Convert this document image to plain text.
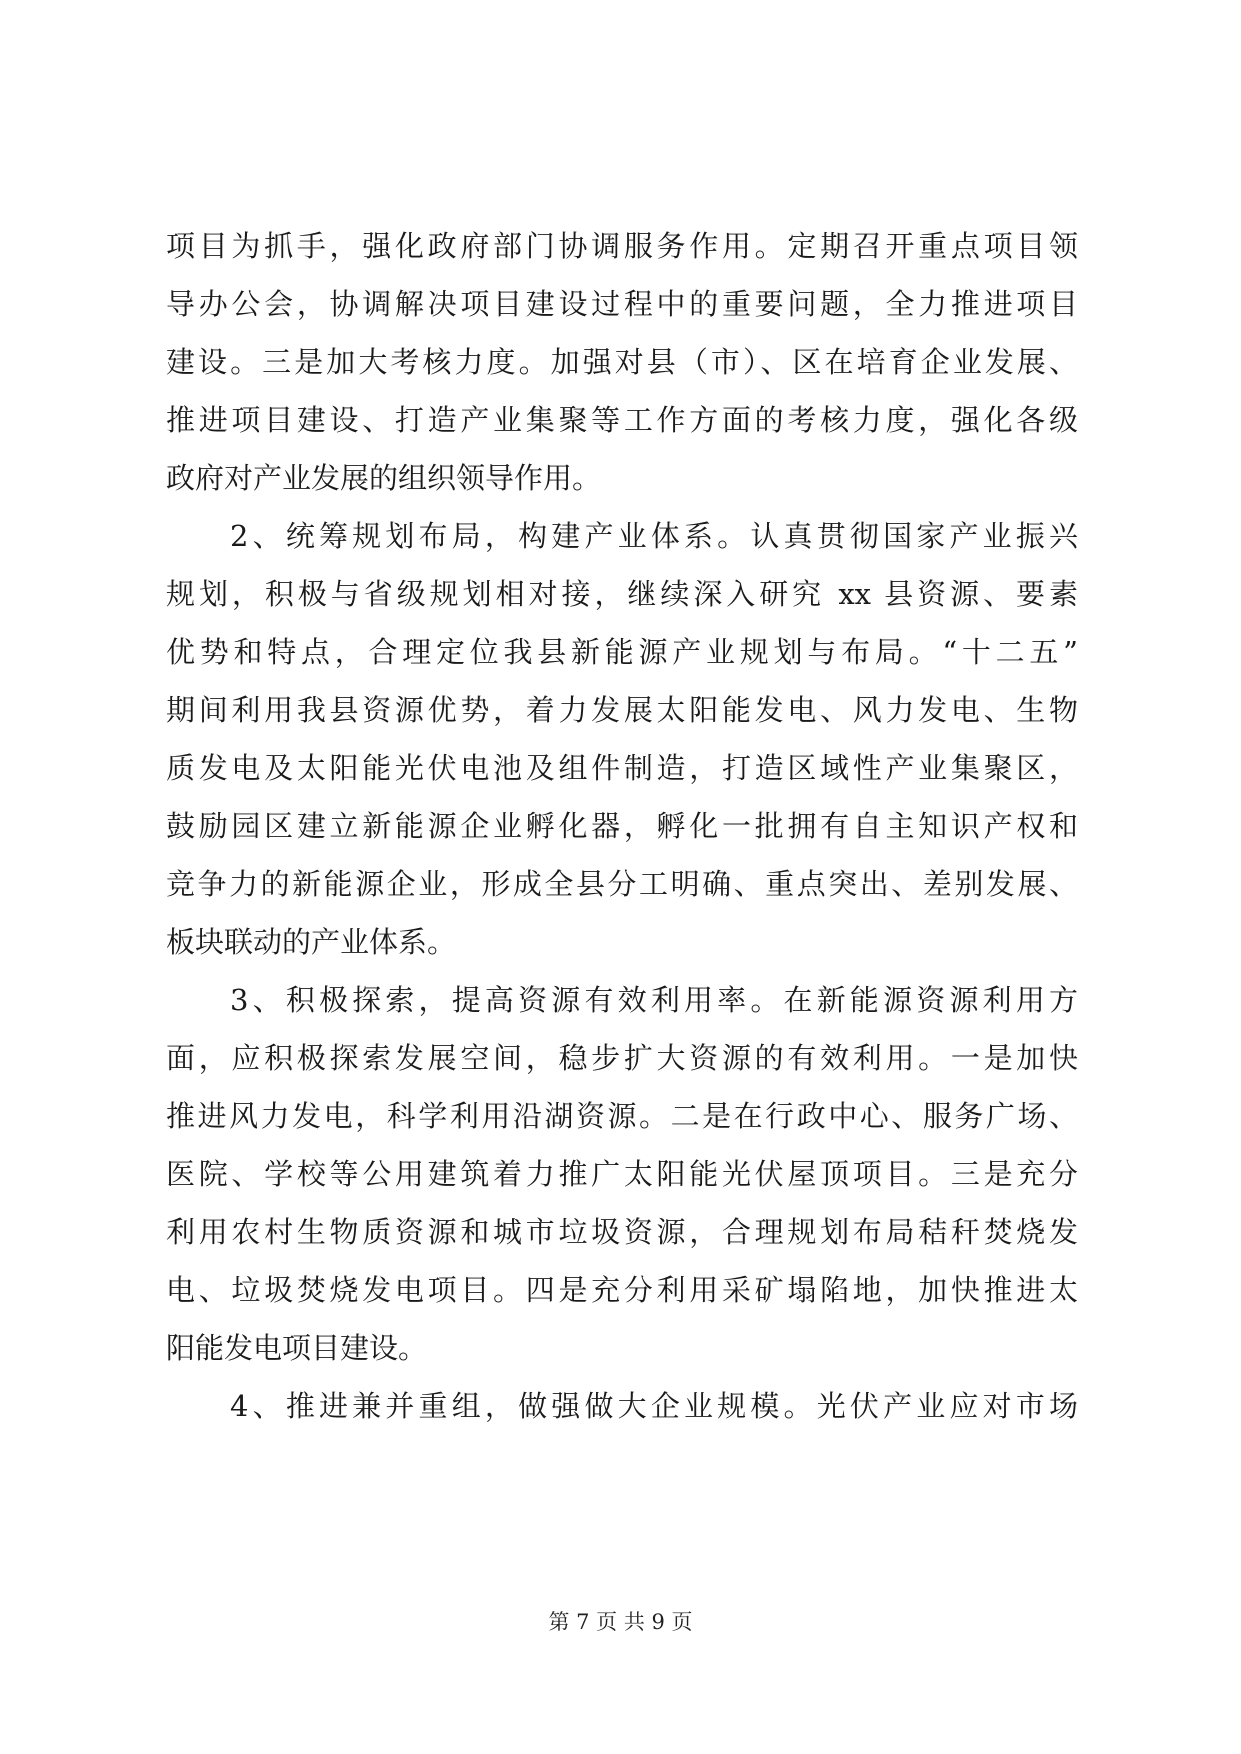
项目为抓手，强化政府部门协调服务作用。定期召开重点项目领
导办公会，协调解决项目建设过程中的重要问题，全力推进项目
建设。三是加大考核力度。加强对县（市）、区在培育企业发展、
推进项目建设、打造产业集聚等工作方面的考核力度，强化各级
政府对产业发展的组织领导作用。
2、统筹规划布局，构建产业体系。认真贯彻国家产业振兴
规划，积极与省级规划相对接，继续深入研究 xx 县资源、要素
优势和特点，合理定位我县新能源产业规划与布局。“十二五”
期间利用我县资源优势，着力发展太阳能发电、风力发电、生物
质发电及太阳能光伏电池及组件制造，打造区域性产业集聚区，
鼓励园区建立新能源企业孵化器，孵化一批拥有自主知识产权和
竞争力的新能源企业，形成全县分工明确、重点突出、差别发展、
板块联动的产业体系。
3、积极探索，提高资源有效利用率。在新能源资源利用方
面，应积极探索发展空间，稳步扩大资源的有效利用。一是加快
推进风力发电，科学利用沿湖资源。二是在行政中心、服务广场、
医院、学校等公用建筑着力推广太阳能光伏屋顶项目。三是充分
利用农村生物质资源和城市垃圾资源，合理规划布局秸秆焚烧发
电、垃圾焚烧发电项目。四是充分利用采矿塌陷地，加快推进太
阳能发电项目建设。
4、推进兼并重组，做强做大企业规模。光伏产业应对市场
第 7 页 共 9 页
